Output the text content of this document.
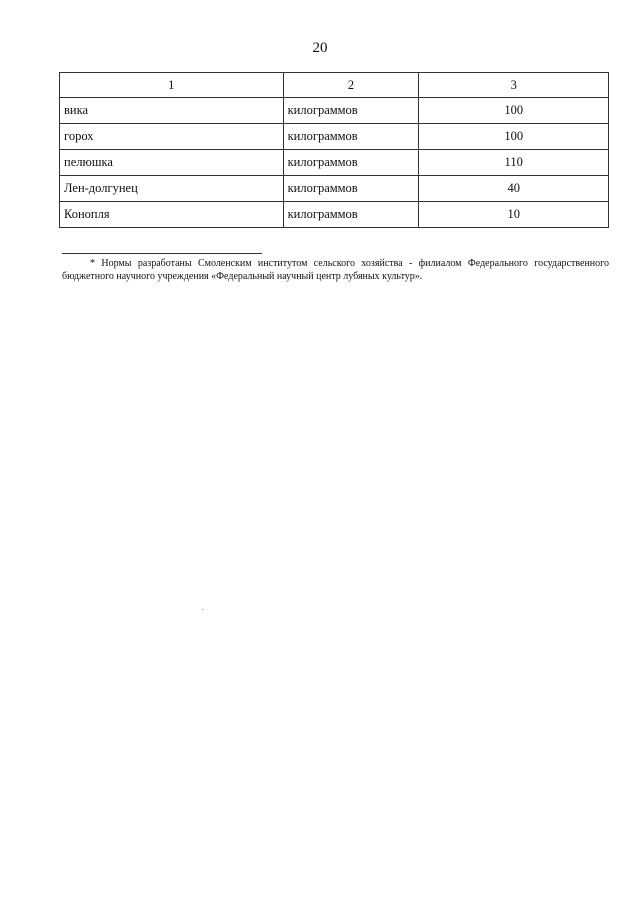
20
1	2	3
вика	килограммов	100
горох	килограммов	100
пелюшка	килограммов	110
Лен-долгунец	килограммов	40
Конопля	килограммов	10
* Нормы разработаны Смоленским институтом сельского хозяйства - филиалом Федерального государственного бюджетного научного учреждения «Федеральный научный центр лубяных культур».
